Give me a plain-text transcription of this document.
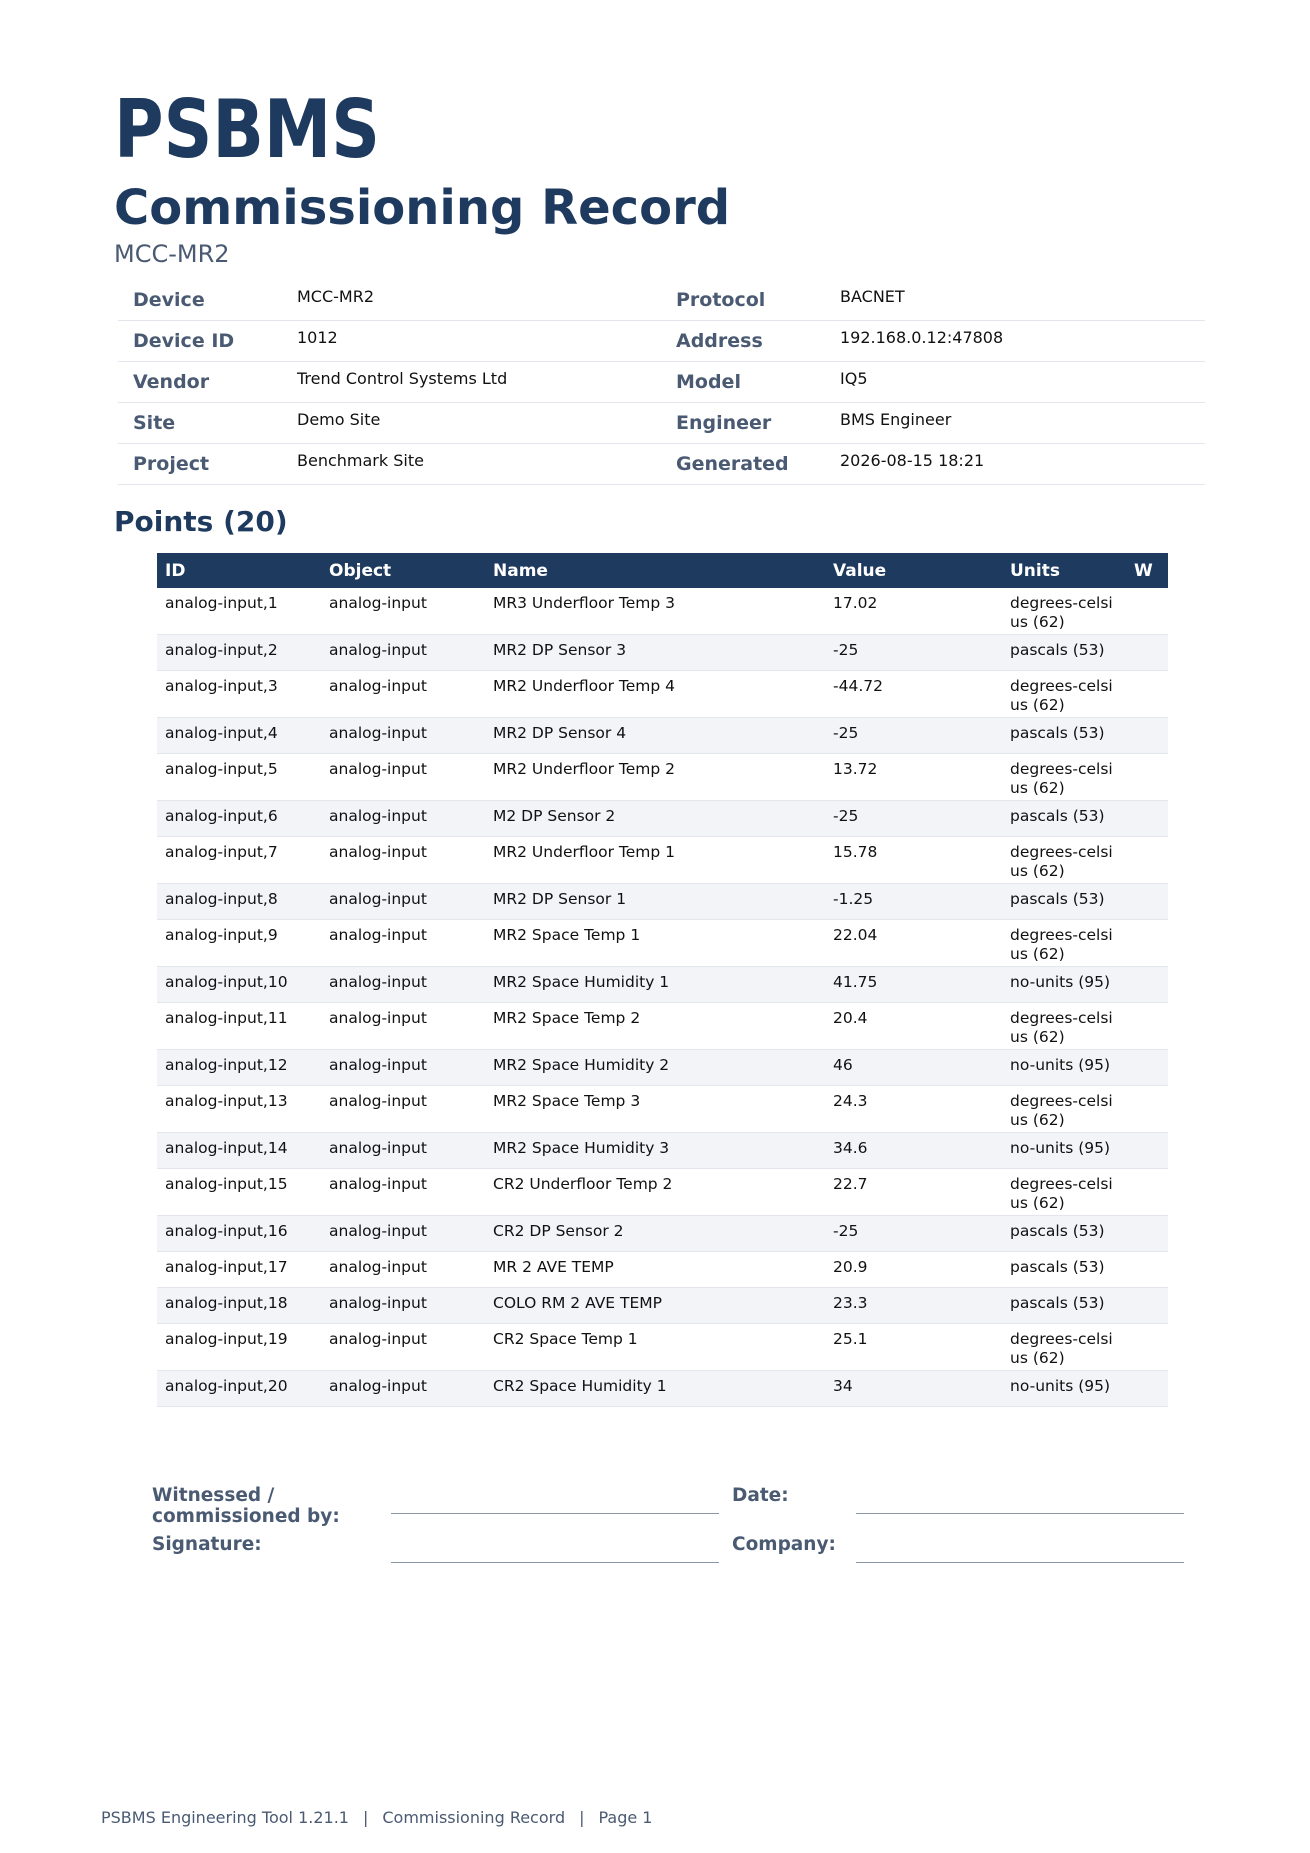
PSBMS
Commissioning Record
MCC-MR2
Device	MCC-MR2	Protocol	BACNET
Device ID	1012	Address	192.168.0.12:47808
Vendor	Trend Control Systems Ltd	Model	IQ5
Site	Demo Site	Engineer	BMS Engineer
Project	Benchmark Site	Generated	2026-08-15 18:21
Points (20)
ID	Object	Name	Value	Units	W
analog-input,1	analog-input	MR3 Underfloor Temp 3	17.02	degrees-celsius (62)	
analog-input,2	analog-input	MR2 DP Sensor 3	-25	pascals (53)	
analog-input,3	analog-input	MR2 Underfloor Temp 4	-44.72	degrees-celsius (62)	
analog-input,4	analog-input	MR2 DP Sensor 4	-25	pascals (53)	
analog-input,5	analog-input	MR2 Underfloor Temp 2	13.72	degrees-celsius (62)	
analog-input,6	analog-input	M2 DP Sensor 2	-25	pascals (53)	
analog-input,7	analog-input	MR2 Underfloor Temp 1	15.78	degrees-celsius (62)	
analog-input,8	analog-input	MR2 DP Sensor 1	-1.25	pascals (53)	
analog-input,9	analog-input	MR2 Space Temp 1	22.04	degrees-celsius (62)	
analog-input,10	analog-input	MR2 Space Humidity 1	41.75	no-units (95)	
analog-input,11	analog-input	MR2 Space Temp 2	20.4	degrees-celsius (62)	
analog-input,12	analog-input	MR2 Space Humidity 2	46	no-units (95)	
analog-input,13	analog-input	MR2 Space Temp 3	24.3	degrees-celsius (62)	
analog-input,14	analog-input	MR2 Space Humidity 3	34.6	no-units (95)	
analog-input,15	analog-input	CR2 Underfloor Temp 2	22.7	degrees-celsius (62)	
analog-input,16	analog-input	CR2 DP Sensor 2	-25	pascals (53)	
analog-input,17	analog-input	MR 2 AVE TEMP	20.9	pascals (53)	
analog-input,18	analog-input	COLO RM 2 AVE TEMP	23.3	pascals (53)	
analog-input,19	analog-input	CR2 Space Temp 1	25.1	degrees-celsius (62)	
analog-input,20	analog-input	CR2 Space Humidity 1	34	no-units (95)	
Witnessed / commissioned by:
Date:
Signature:	Company:
PSBMS Engineering Tool 1.21.1 | Commissioning Record | Page 1
